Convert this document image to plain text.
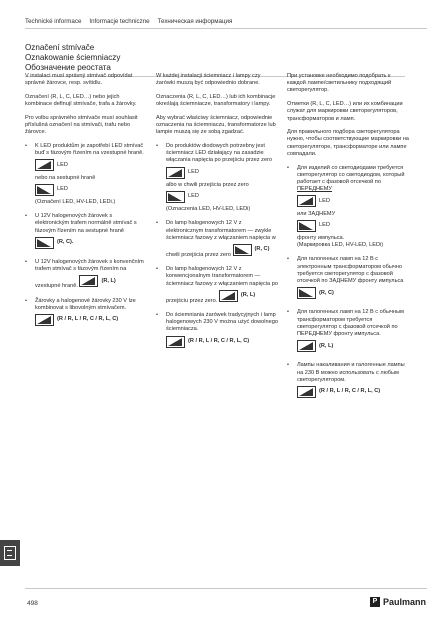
Technické informace Informacje techniczne Техническая информация
Označení stmívače
Oznakowanie ściemniaczy
Обозначение реостата

V instalaci musí správný stmívač odpovídat správné žárovce, resp. svítidlu.

Označení (R, L, C, LED…) nebo jejich kombinace definují stmívače, trafa a žárovky.

Pro volbu správného stmívače musí souhlasit příslušná označení na stmívači, trafu nebo žárovce.

• K LED produktům je zapotřebí LED stmívač buď s fázovým řízením na vzestupné hraně.
LED
nebo na sestupné hraně
LED
(Označení LED, HV-LED, LEDi.)
• U 12V halogenových žárovek s elektronickým trafem normálně stmívač s fázovým řízením na sestupné hraně
(R, C).
• U 12V halogenových žárovek s konvenčním trafem stmívač s fázovým řízením na vzestupné hraně.
(R, L)
• Žárovky a halogenové žárovky 230 V lze kombinovat s libovolným stmívačem.
(R / R, L / R, C / R, L, C)

W każdej instalacji ściemniacz i lampy czy żarówki muszą być odpowiednio dobrane.

Oznaczenia (R, L, C, LED…) lub ich kombinacje określają ściemniacze, transformatory i lampy.

Aby wybrać właściwy ściemniacz, odpowiednie oznaczenia na ściemniaczu, transformatorze lub lampie muszą się ze sobą zgadzać.

• Do produktów diodowych potrzebny jest ściemniacz LED działający na zasadzie włączania napięcia po przejściu przez zero
LED
albo w chwili przejścia przez zero
LED
(Oznaczenia LED, HV-LED, LEDi)
• Do lamp halogenowych 12 V z elektronicznym transformatorem — zwykle ściemniacz fazowy z włączaniem napięcia w chwili przejścia przez zero
(R, C)
• Do lamp halogenowych 12 V z konwencjonalnym transformatorem — ściemniacz fazowy z włączaniem napięcia po przejściu przez zero.
(R, L)
• Do ściemniania żarówek tradycyjnych i lamp halogenowych 230 V można użyć dowolnego ściemniacza.
(R / R, L / R, C / R, L, C)

При установке необходимо подобрать к каждой лампе/светильнику подходящий светорегулятор.

Отметки (R, L, C, LED…) или их комбинации служат для маркировки светорегуляторов, трансформаторов и ламп.

Для правильного подбора светорегулятора нужно, чтобы соответствующие маркировки на светорегуляторе, трансформаторе или лампе совпадали.

• Для изделий со светодиодами требуется светорегулятор со светодиодом, который работает с фазовой отсечкой по
ПЕРЕДНЕМУ
LED
или ЗАДНЕМУ
LED
фронту импульса.
(Маркировка LED, HV-LED, LEDi)
• Для галогенных ламп на 12 В с электронным трансформатором обычно требуется светорегулятор с фазовой отсечкой по ЗАДНЕМУ фронту импульса
(R, C)
• Для галогенных ламп на 12 В с обычным трансформатором требуется светорегулятор с фазовой отсечкой по ПЕРЕДНЕМУ фронту импульса.
(R, L)
• Лампы накаливания и галогенные лампы на 230 В можно использовать с любым светорегулятором.
(R / R, L / R, C / R, L, C)
498	P Paulmann
